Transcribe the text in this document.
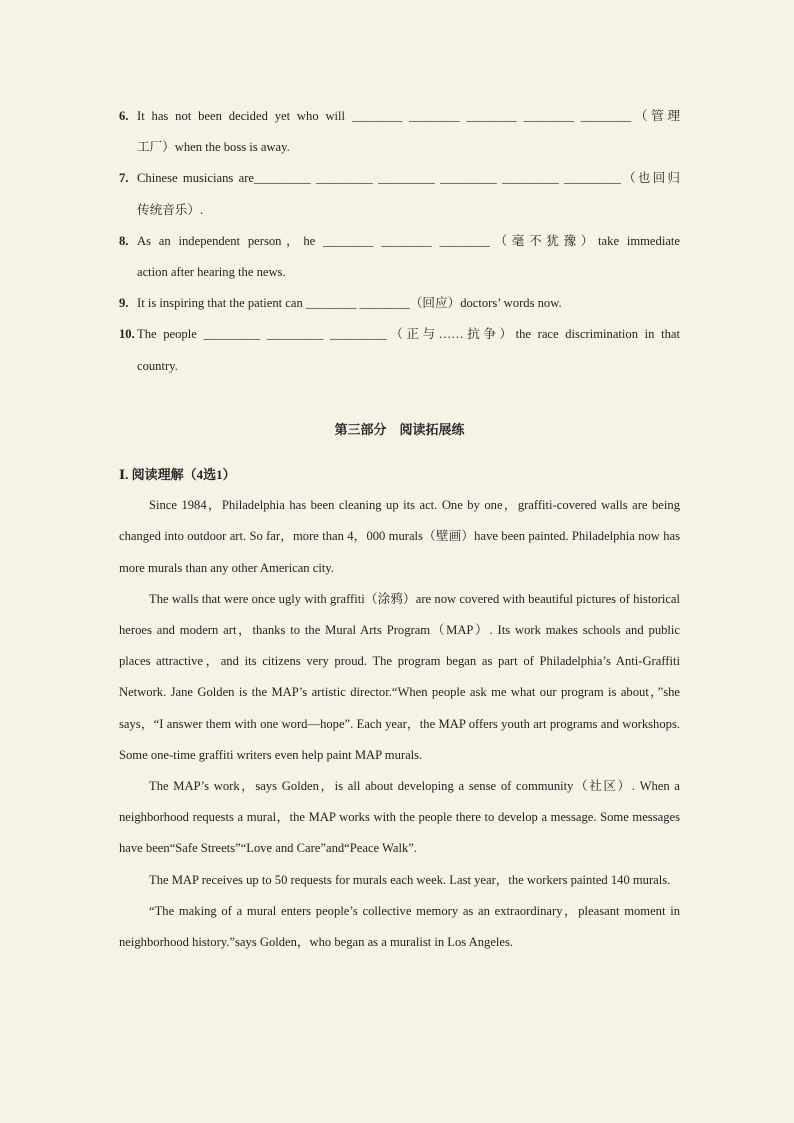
6. It has not been decided yet who will ________ ________ ________ ________ ________（管理
工厂）when the boss is away.
7. Chinese musicians are_________ _________ _________ _________ _________ _________（也回归
传统音乐）.
8. As an independent person，he ________ ________ ________（毫不犹豫）take immediate
action after hearing the news.
9. It is inspiring that the patient can ________ ________（回应）doctors’ words now.
10. The people _________ _________ _________（正与……抗争）the race discrimination in that
country.
第三部分　阅读拓展练
Ⅰ. 阅读理解（4选1）
Since 1984，Philadelphia has been cleaning up its act. One by one，graffiti-covered walls are being changed into outdoor art. So far，more than 4，000 murals（壁画）have been painted. Philadelphia now has more murals than any other American city.
The walls that were once ugly with graffiti（涂鸦）are now covered with beautiful pictures of historical heroes and modern art，thanks to the Mural Arts Program（MAP）. Its work makes schools and public places attractive，and its citizens very proud. The program began as part of Philadelphia’s Anti-Graffiti Network. Jane Golden is the MAP’s artistic director.“When people ask me what our program is about，”she says，“I answer them with one word—hope”. Each year，the MAP offers youth art programs and workshops. Some one-time graffiti writers even help paint MAP murals.
The MAP’s work，says Golden，is all about developing a sense of community（社区）. When a neighborhood requests a mural，the MAP works with the people there to develop a message. Some messages have been“Safe Streets”“Love and Care”and“Peace Walk”.
The MAP receives up to 50 requests for murals each week. Last year，the workers painted 140 murals.
“The making of a mural enters people’s collective memory as an extraordinary，pleasant moment in neighborhood history.”says Golden，who began as a muralist in Los Angeles.
